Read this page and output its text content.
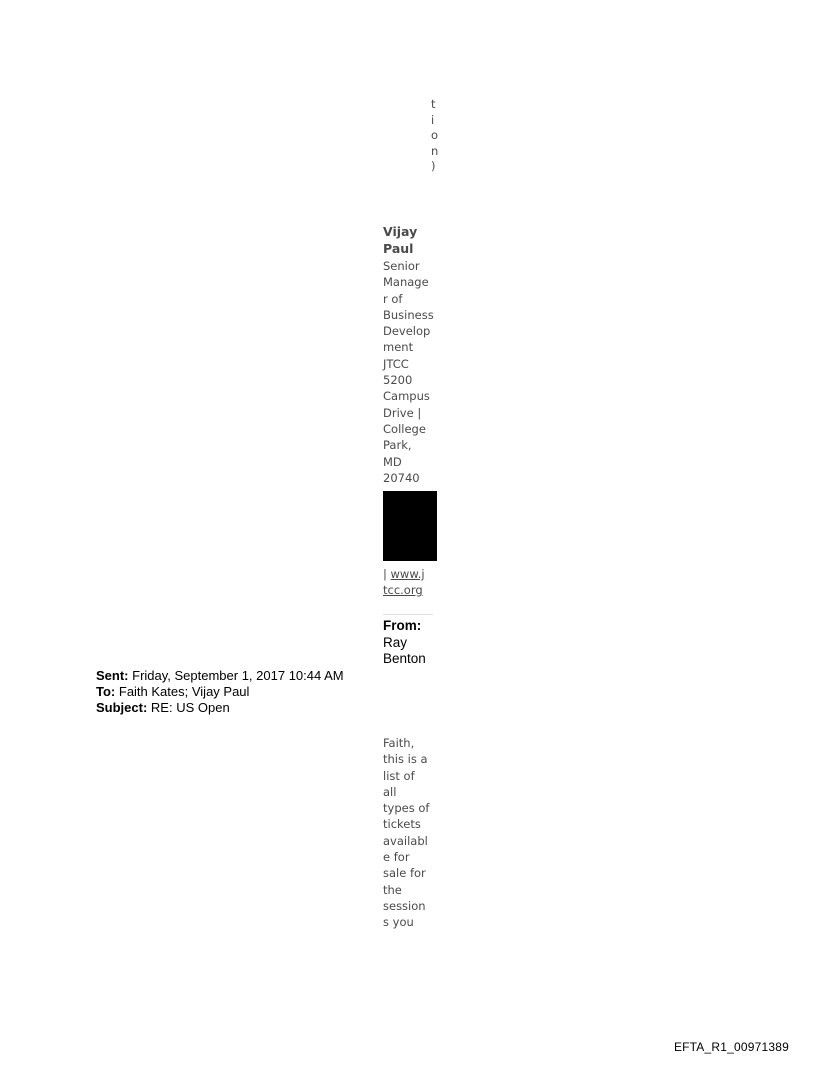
t
i
o
n
)
Vijay
Paul
Senior
Manage
r of
Business
Develop
ment
JTCC
5200
Campus
Drive |
College
Park,
MD
20740
| www.j
tcc.org
From:
Ray
Benton
Sent: Friday, September 1, 2017 10:44 AM
To: Faith Kates; Vijay Paul
Subject: RE: US Open
Faith,
this is a
list of
all
types of
tickets
availabl
e for
sale for
the
session
s you
EFTA_R1_00971389
